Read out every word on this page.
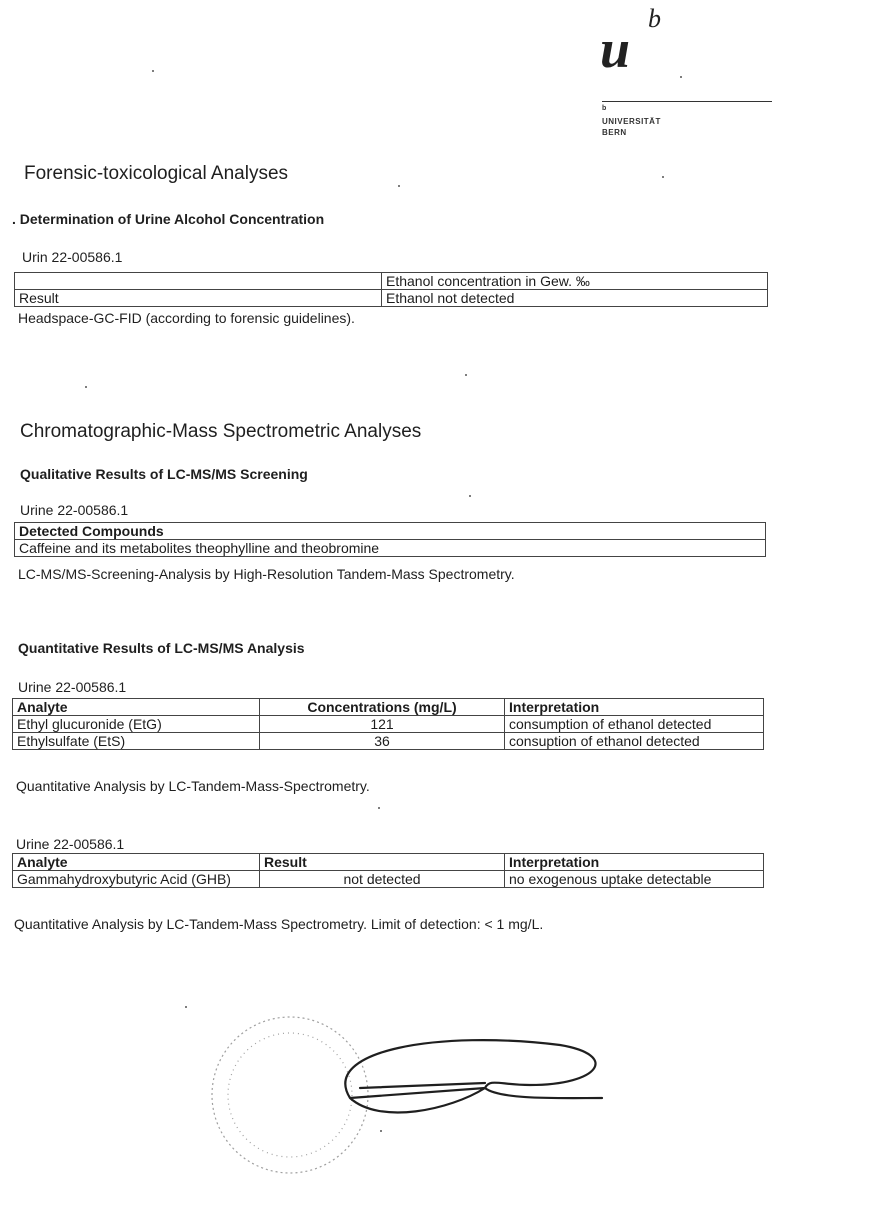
u
b
b
UNIVERSITÄT
BERN
Forensic-toxicological Analyses
. Determination of Urine Alcohol Concentration
Urin 22-00586.1
	Ethanol concentration in Gew. ‰
Result	Ethanol not detected
Headspace-GC-FID (according to forensic guidelines).
Chromatographic-Mass Spectrometric Analyses
Qualitative Results of LC-MS/MS Screening
Urine 22-00586.1
Detected Compounds
Caffeine and its metabolites theophylline and theobromine
LC-MS/MS-Screening-Analysis by High-Resolution Tandem-Mass Spectrometry.
Quantitative Results of LC-MS/MS Analysis
Urine 22-00586.1
Analyte	Concentrations (mg/L)	Interpretation
Ethyl glucuronide (EtG)	121	consumption of ethanol detected
Ethylsulfate (EtS)	36	consuption of ethanol detected
Quantitative Analysis by LC-Tandem-Mass-Spectrometry.
Urine 22-00586.1
Analyte	Result	Interpretation
Gammahydroxybutyric Acid (GHB)	not detected	no exogenous uptake detectable
Quantitative Analysis by LC-Tandem-Mass Spectrometry. Limit of detection: < 1 mg/L.
